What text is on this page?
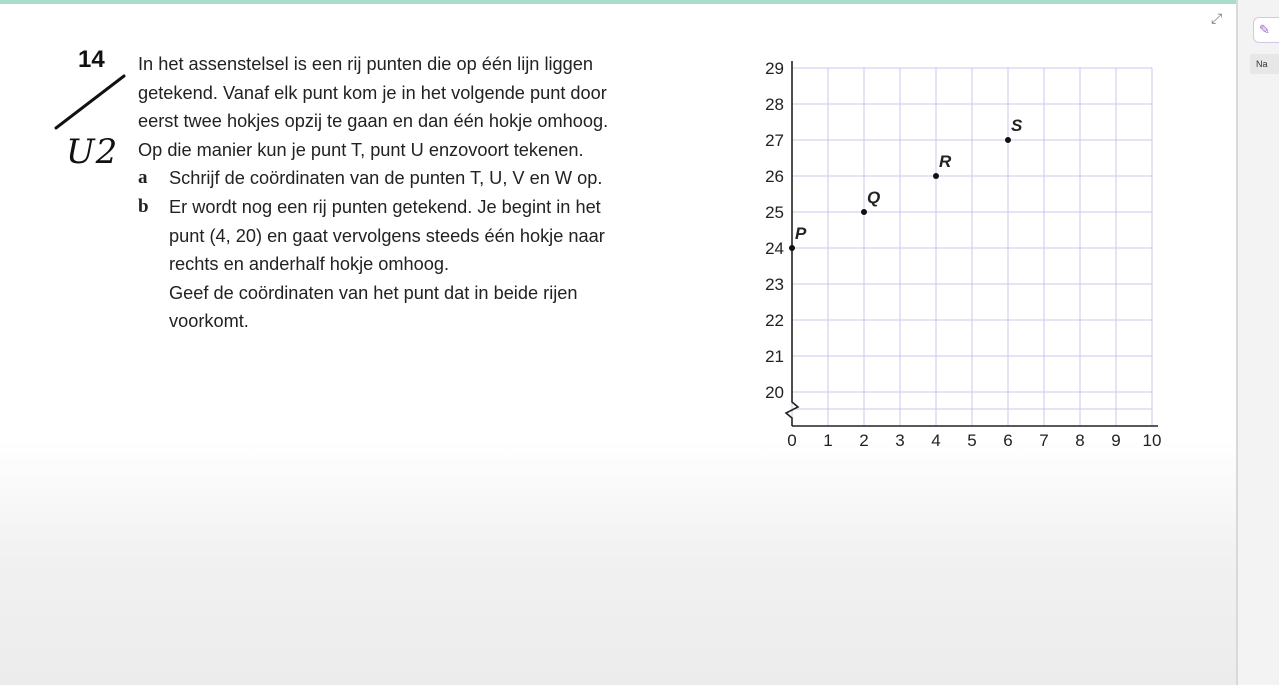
⤢
✎
Na
14
U2

In het assenstelsel is een rij punten die op één lijn liggen

getekend. Vanaf elk punt kom je in het volgende punt door

eerst twee hokjes opzij te gaan en dan één hokje omhoog.

Op die manier kun je punt T, punt U enzovoort tekenen.

a	Schrijf de coördinaten van de punten T, U, V en W op.
b	Er wordt nog een rij punten getekend. Je begint in het
punt (4, 20) en gaat vervolgens steeds één hokje naar
rechts en anderhalf hokje omhoog.
Geef de coördinaten van het punt dat in beide rijen
voorkomt.
0 1 2 3 4 5 6 7 8 9 10
20
21
22
23
24
25
26
27
28
29
P
Q
R
S
